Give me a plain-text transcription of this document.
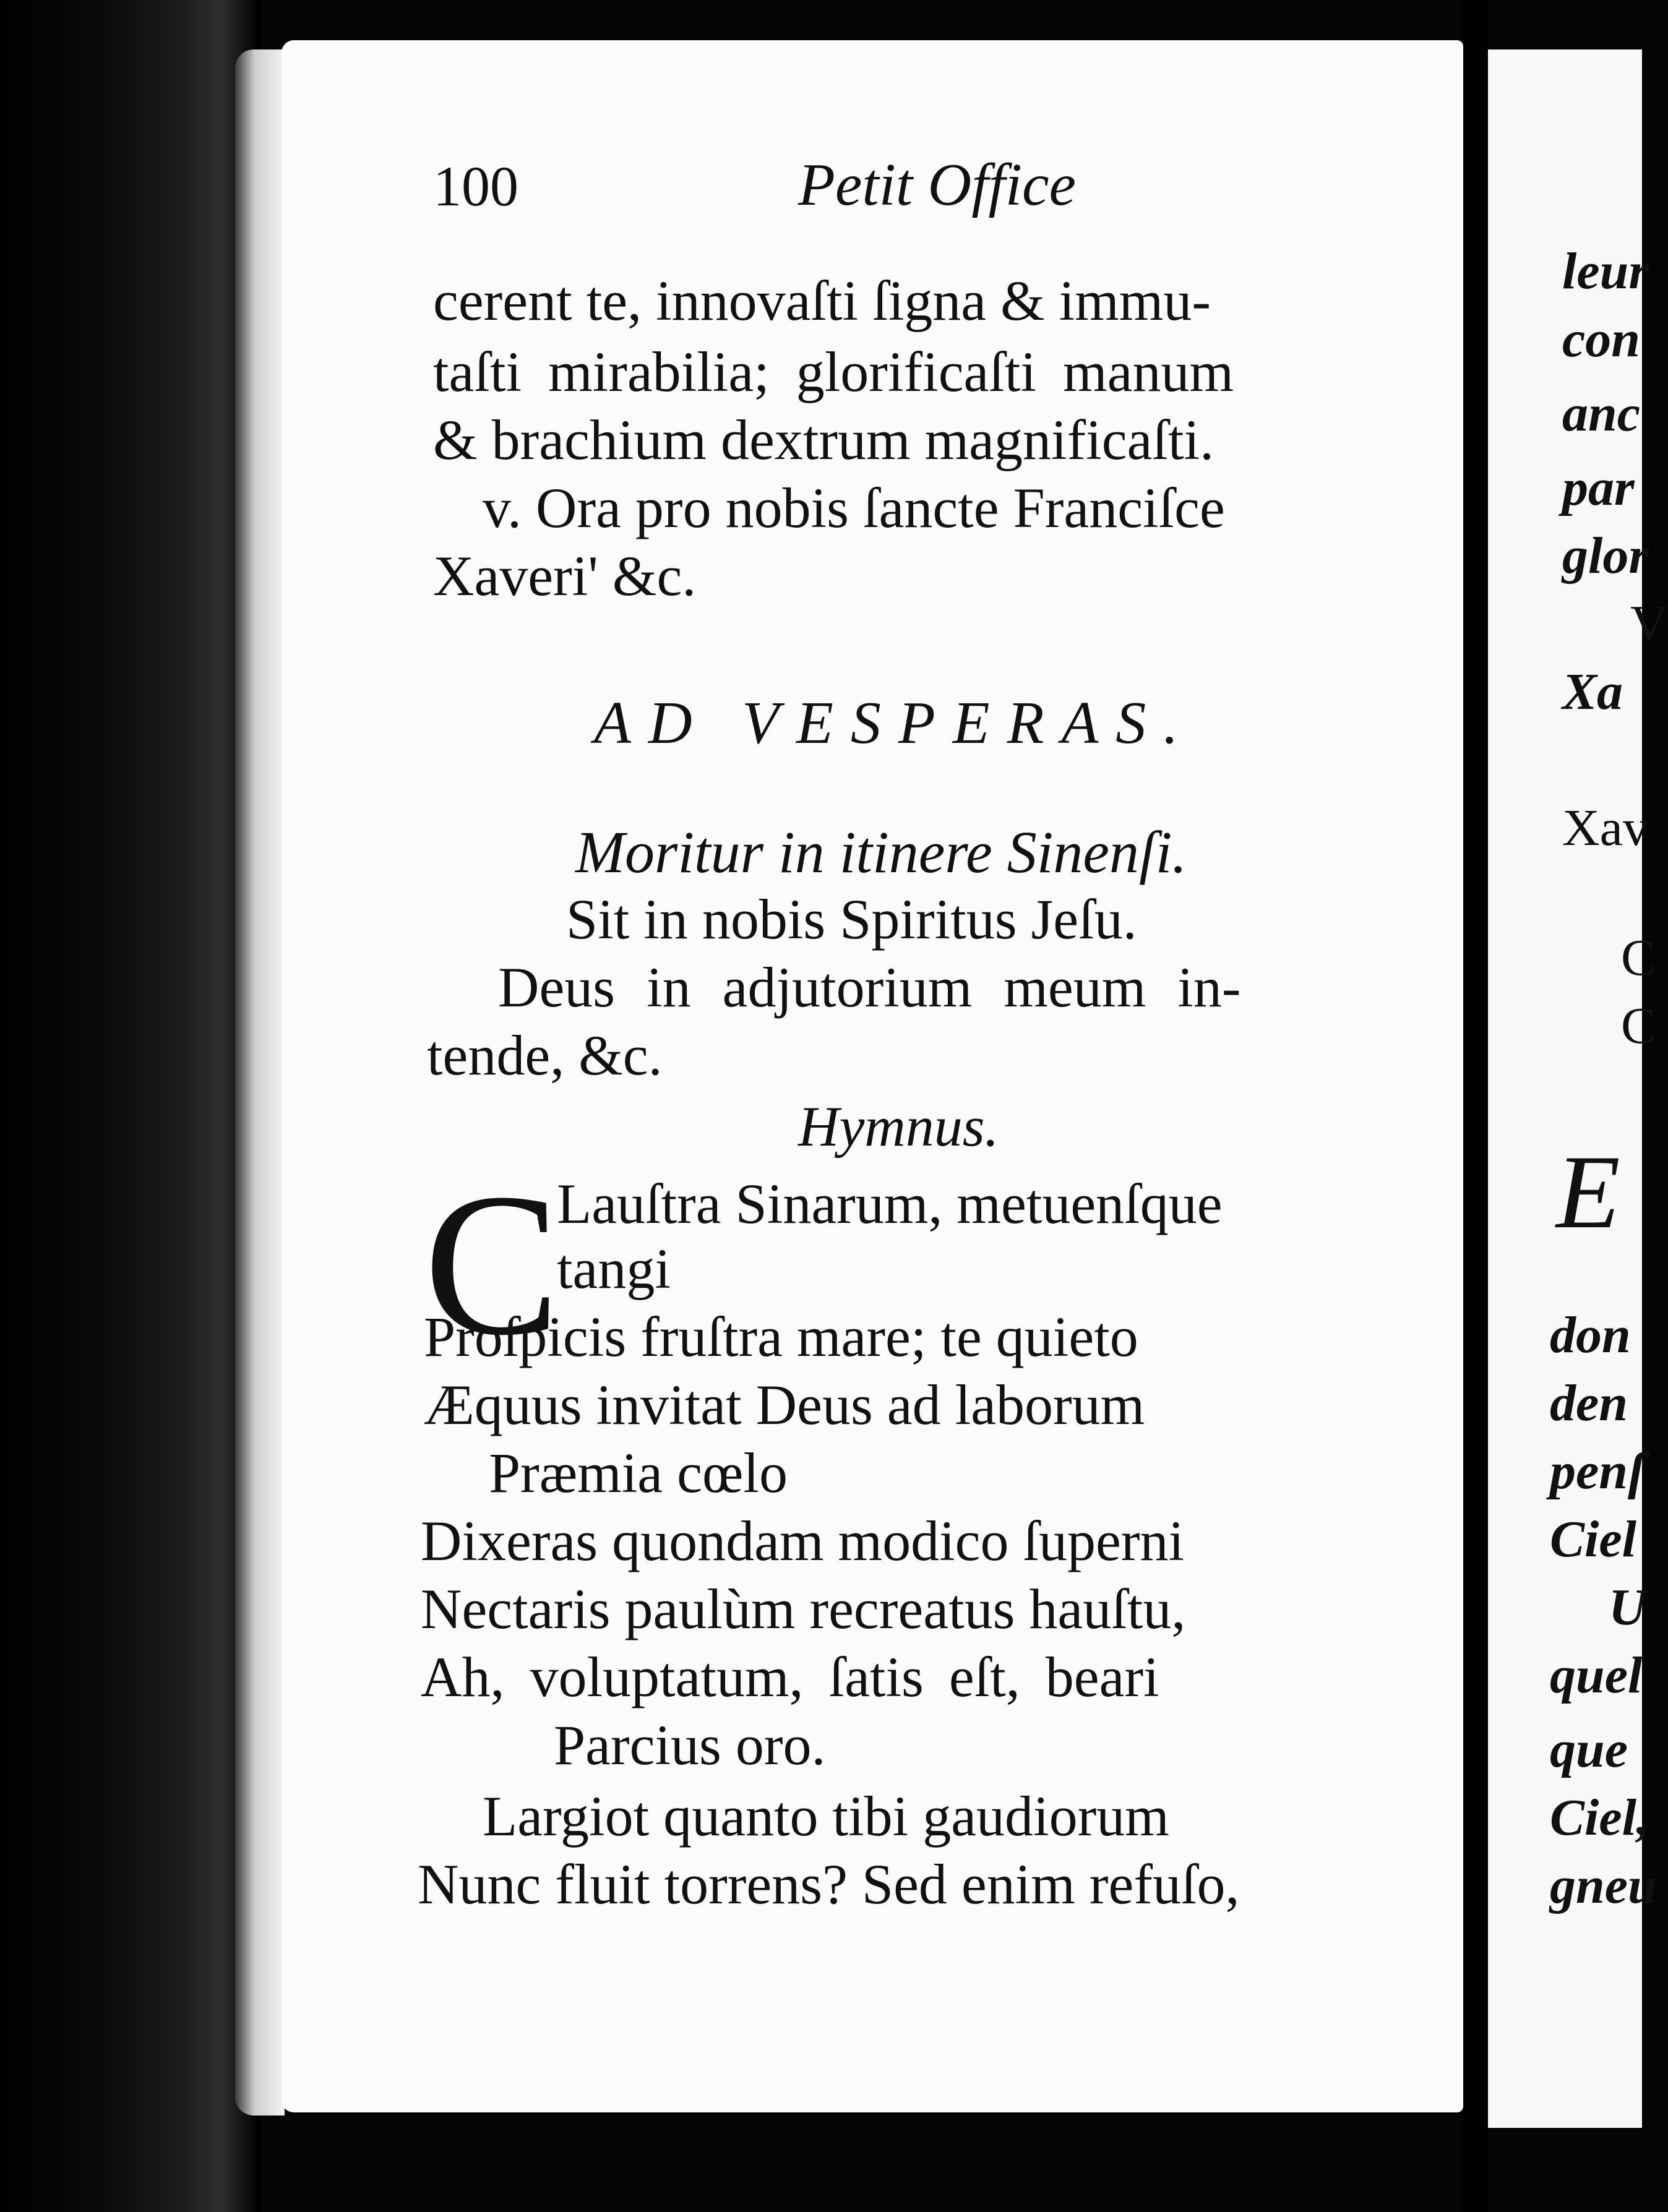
100	Petit Office
cerent te, innovaſti ſigna & immu-
taſti mirabilia; glorificaſti manum
& brachium dextrum magnificaſti.
v. Ora pro nobis ſancte Franciſce
Xaveri' &c.
AD VESPERAS.
Moritur in itinere Sinenſi.
Sit in nobis Spiritus Jeſu.
Deus in adjutorium meum in-
tende, &c.
Hymnus.
C
Lauſtra Sinarum, metuenſque
tangi
Proſpicis fruſtra mare; te quieto
Æquus invitat Deus ad laborum
Præmia cœlo
Dixeras quondam modico ſuperni
Nectaris paulùm recreatus hauſtu,
Ah, voluptatum, ſatis eſt, beari
Parcius oro.
Largiot quanto tibi gaudiorum
Nunc fluit torrens? Sed enim refuſo,
leur
con
anc
par
glor
V
Xa
Xav
C
C
E
don
den
penſ
Ciel
U
quel
que
Ciel,
gneu
